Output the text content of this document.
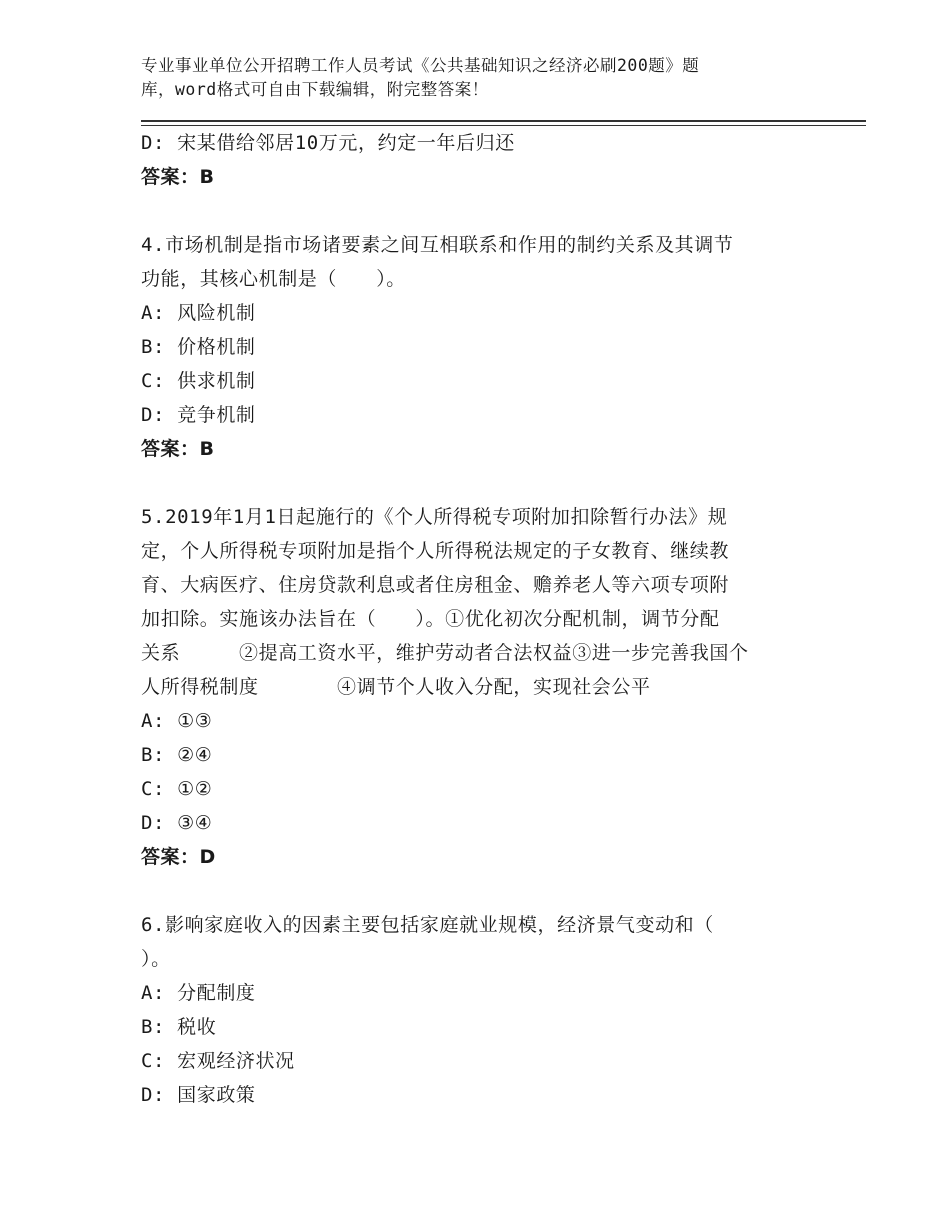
专业事业单位公开招聘工作人员考试《公共基础知识之经济必刷200题》题
库，word格式可自由下载编辑，附完整答案！
D: 宋某借给邻居10万元，约定一年后归还
答案：B
4.市场机制是指市场诸要素之间互相联系和作用的制约关系及其调节
功能，其核心机制是（　　）。
A: 风险机制
B: 价格机制
C: 供求机制
D: 竞争机制
答案：B
5.2019年1月1日起施行的《个人所得税专项附加扣除暂行办法》规
定，个人所得税专项附加是指个人所得税法规定的子女教育、继续教
育、大病医疗、住房贷款利息或者住房租金、赡养老人等六项专项附
加扣除。实施该办法旨在（　　）。①优化初次分配机制，调节分配
关系　　　②提高工资水平，维护劳动者合法权益③进一步完善我国个
人所得税制度　　　　④调节个人收入分配，实现社会公平
A: ①③
B: ②④
C: ①②
D: ③④
答案：D
6.影响家庭收入的因素主要包括家庭就业规模，经济景气变动和（
）。
A: 分配制度
B: 税收
C: 宏观经济状况
D: 国家政策
